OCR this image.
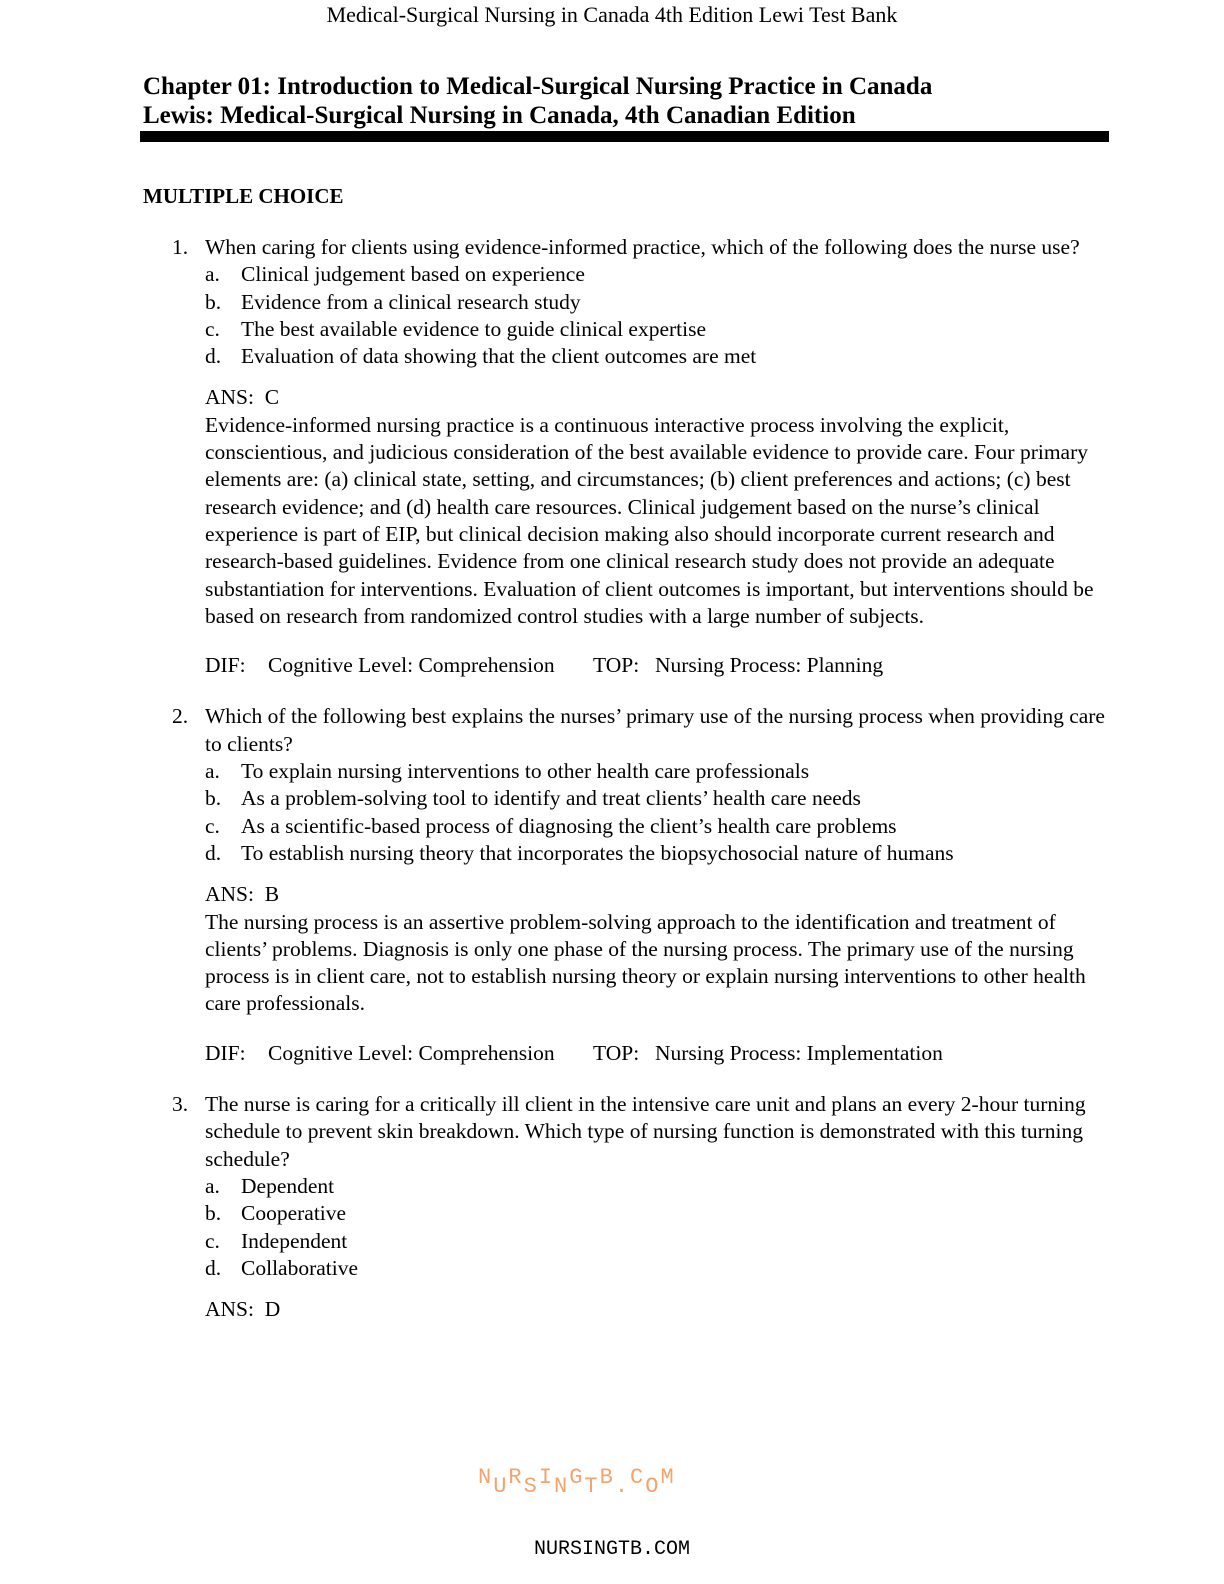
Medical-Surgical Nursing in Canada 4th Edition Lewi Test Bank
Chapter 01: Introduction to Medical-Surgical Nursing Practice in Canada
Lewis: Medical-Surgical Nursing in Canada, 4th Canadian Edition
MULTIPLE CHOICE
1. When caring for clients using evidence-informed practice, which of the following does the nurse use?
a. Clinical judgement based on experience
b. Evidence from a clinical research study
c. The best available evidence to guide clinical expertise
d. Evaluation of data showing that the client outcomes are met
ANS: C
Evidence-informed nursing practice is a continuous interactive process involving the explicit, conscientious, and judicious consideration of the best available evidence to provide care. Four primary elements are: (a) clinical state, setting, and circumstances; (b) client preferences and actions; (c) best research evidence; and (d) health care resources. Clinical judgement based on the nurse’s clinical experience is part of EIP, but clinical decision making also should incorporate current research and research-based guidelines. Evidence from one clinical research study does not provide an adequate substantiation for interventions. Evaluation of client outcomes is important, but interventions should be based on research from randomized control studies with a large number of subjects.
DIF: Cognitive Level: Comprehension TOP: Nursing Process: Planning
2. Which of the following best explains the nurses’ primary use of the nursing process when providing care to clients?
a. To explain nursing interventions to other health care professionals
b. As a problem-solving tool to identify and treat clients’ health care needs
c. As a scientific-based process of diagnosing the client’s health care problems
d. To establish nursing theory that incorporates the biopsychosocial nature of humans
ANS: B
The nursing process is an assertive problem-solving approach to the identification and treatment of clients’ problems. Diagnosis is only one phase of the nursing process. The primary use of the nursing process is in client care, not to establish nursing theory or explain nursing interventions to other health care professionals.
DIF: Cognitive Level: Comprehension TOP: Nursing Process: Implementation
3. The nurse is caring for a critically ill client in the intensive care unit and plans an every 2-hour turning schedule to prevent skin breakdown. Which type of nursing function is demonstrated with this turning schedule?
a. Dependent
b. Cooperative
c. Independent
d. Collaborative
ANS: D
NURSINGTB.COM
NURSINGTB.COM
